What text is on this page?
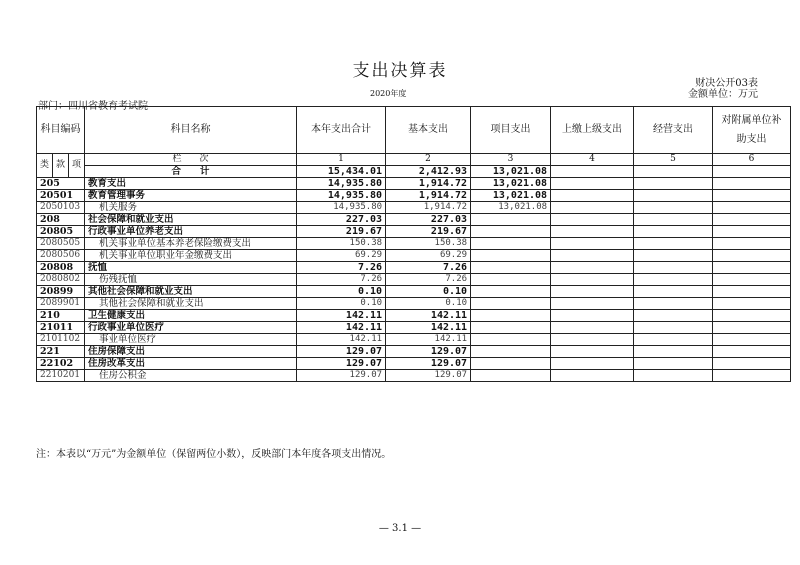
支出决算表
财决公开03表
金额单位：万元
部门：四川省教育考试院
2020年度
科目编码			科目名称	本年支出合计	基本支出	项目支出	上缴上级支出	经营支出	对附属单位补助支出
类	款	项	栏　　次	1	2	3	4	5	6
			合　　计	15,434.01	2,412.93	13,021.08			
205			教育支出	14,935.80	1,914.72	13,021.08			
20501			教育管理事务	14,935.80	1,914.72	13,021.08			
2050103			机关服务	14,935.80	1,914.72	13,021.08			
208			社会保障和就业支出	227.03	227.03				
20805			行政事业单位养老支出	219.67	219.67				
2080505			机关事业单位基本养老保险缴费支出	150.38	150.38				
2080506			机关事业单位职业年金缴费支出	69.29	69.29				
20808			抚恤	7.26	7.26				
2080802			伤残抚恤	7.26	7.26				
20899			其他社会保障和就业支出	0.10	0.10				
2089901			其他社会保障和就业支出	0.10	0.10				
210			卫生健康支出	142.11	142.11				
21011			行政事业单位医疗	142.11	142.11				
2101102			事业单位医疗	142.11	142.11				
221			住房保障支出	129.07	129.07				
22102			住房改革支出	129.07	129.07				
2210201			住房公积金	129.07	129.07				
注：本表以“万元”为金额单位（保留两位小数），反映部门本年度各项支出情况。
— 3.1 —
